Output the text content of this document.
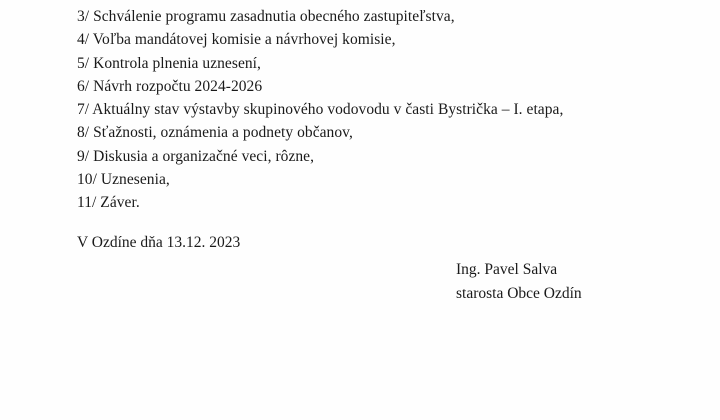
3/ Schválenie programu zasadnutia obecného zastupiteľstva,
4/ Voľba mandátovej komisie a návrhovej komisie,
5/ Kontrola plnenia uznesení,
6/ Návrh rozpočtu 2024-2026
7/ Aktuálny stav výstavby skupinového vodovodu v časti Bystrička – I. etapa,
8/ Sťažnosti, oznámenia a podnety občanov,
9/ Diskusia a organizačné veci, rôzne,
10/ Uznesenia,
11/ Záver.
V Ozdíne dňa 13.12. 2023
Ing. Pavel Salva
starosta Obce Ozdín
